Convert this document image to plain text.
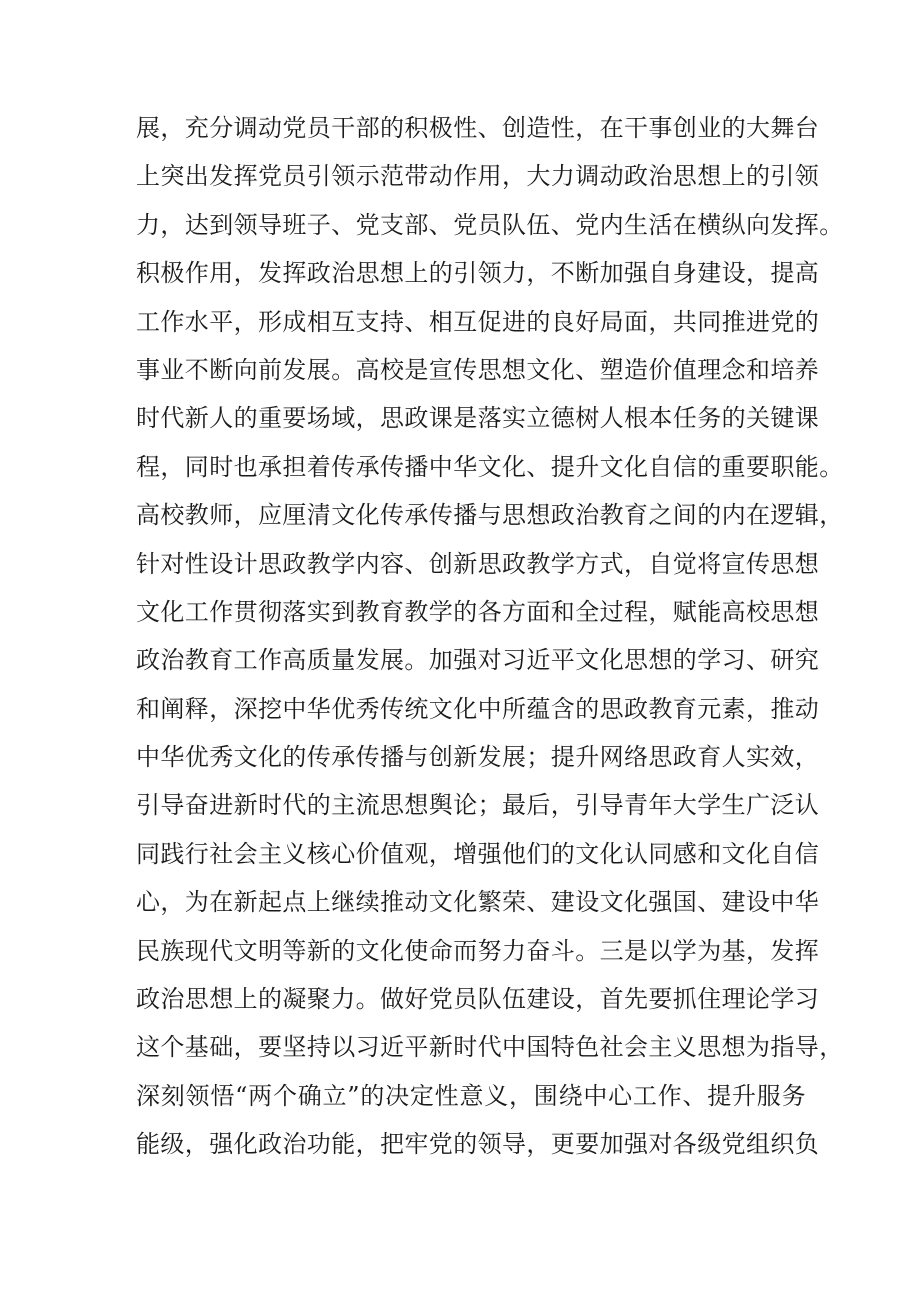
展，充分调动党员干部的积极性、创造性，在干事创业的大舞台
上突出发挥党员引领示范带动作用，大力调动政治思想上的引领
力，达到领导班子、党支部、党员队伍、党内生活在横纵向发挥。
积极作用，发挥政治思想上的引领力，不断加强自身建设，提高
工作水平，形成相互支持、相互促进的良好局面，共同推进党的
事业不断向前发展。高校是宣传思想文化、塑造价值理念和培养
时代新人的重要场域，思政课是落实立德树人根本任务的关键课
程，同时也承担着传承传播中华文化、提升文化自信的重要职能。
高校教师，应厘清文化传承传播与思想政治教育之间的内在逻辑，
针对性设计思政教学内容、创新思政教学方式，自觉将宣传思想
文化工作贯彻落实到教育教学的各方面和全过程，赋能高校思想
政治教育工作高质量发展。加强对习近平文化思想的学习、研究
和阐释，深挖中华优秀传统文化中所蕴含的思政教育元素，推动
中华优秀文化的传承传播与创新发展；提升网络思政育人实效，
引导奋进新时代的主流思想舆论；最后，引导青年大学生广泛认
同践行社会主义核心价值观，增强他们的文化认同感和文化自信
心，为在新起点上继续推动文化繁荣、建设文化强国、建设中华
民族现代文明等新的文化使命而努力奋斗。三是以学为基，发挥
政治思想上的凝聚力。做好党员队伍建设，首先要抓住理论学习
这个基础，要坚持以习近平新时代中国特色社会主义思想为指导，
深刻领悟“两个确立”的决定性意义，围绕中心工作、提升服务
能级，强化政治功能，把牢党的领导，更要加强对各级党组织负
